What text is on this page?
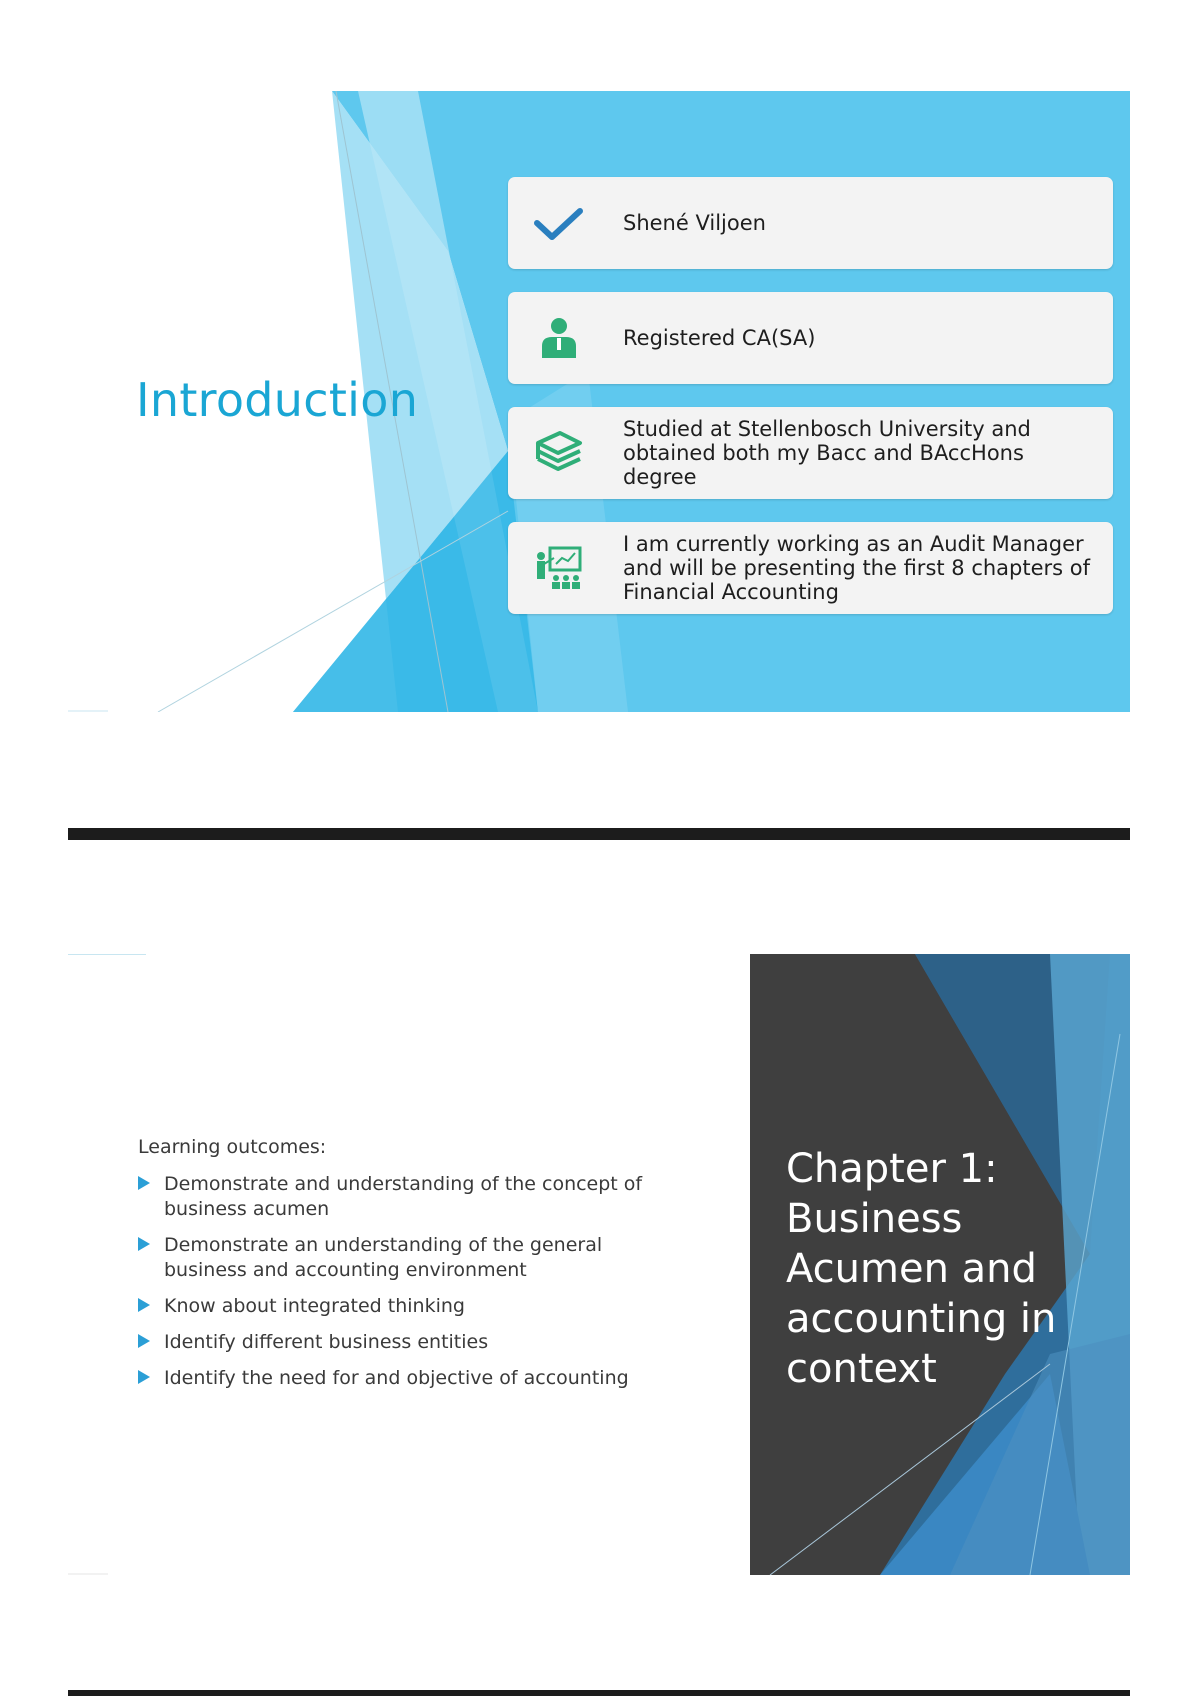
Introduction
Shené Viljoen
Registered CA(SA)
Studied at Stellenbosch University and
obtained both my Bacc and BAccHons degree
I am currently working as an Audit Manager
and will be presenting the first 8 chapters of
Financial Accounting
Learning outcomes:
Demonstrate and understanding of the concept of business acumen
Demonstrate an understanding of the general business and accounting environment
Know about integrated thinking
Identify different business entities
Identify the need for and objective of accounting
Chapter 1: Business Acumen and accounting in context
